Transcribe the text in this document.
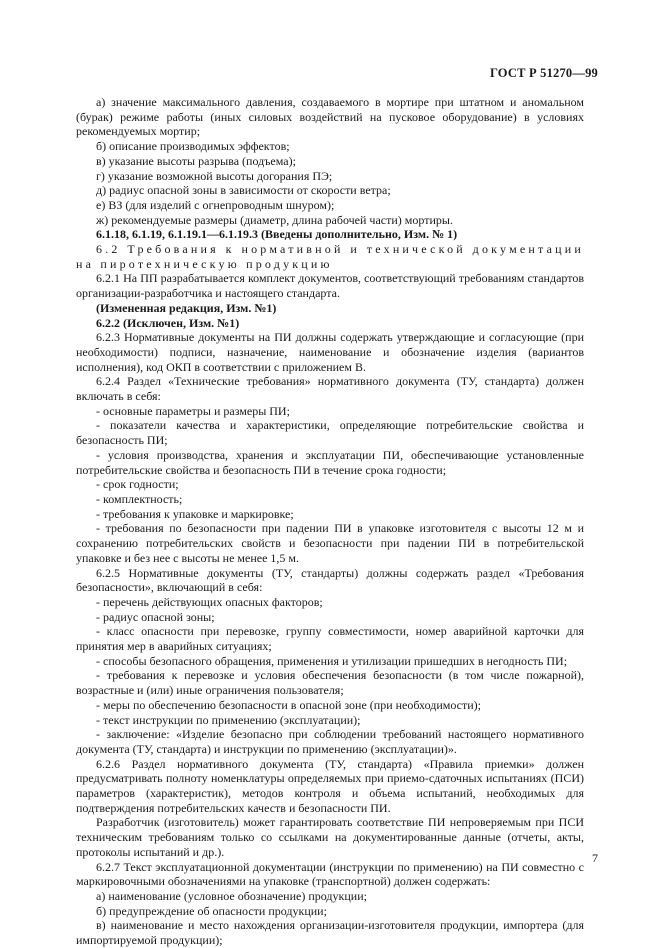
ГОСТ Р 51270—99

а) значение максимального давления, создаваемого в мортире при штатном и аномальном (бурак) режиме работы (иных силовых воздействий на пусковое оборудование) в условиях рекомендуемых мортир;

б) описание производимых эффектов;

в) указание высоты разрыва (подъема);

г) указание возможной высоты догорания ПЭ;

д) радиус опасной зоны в зависимости от скорости ветра;

е) ВЗ (для изделий с огнепроводным шнуром);

ж) рекомендуемые размеры (диаметр, длина рабочей части) мортиры.

6.1.18, 6.1.19, 6.1.19.1—6.1.19.3 (Введены дополнительно, Изм. № 1)

6.2 Требования к нормативной и технической документации на пиротехническую продукцию

6.2.1 На ПП разрабатывается комплект документов, соответствующий требованиям стандартов организации-разработчика и настоящего стандарта.

(Измененная редакция, Изм. №1)

6.2.2 (Исключен, Изм. №1)

6.2.3 Нормативные документы на ПИ должны содержать утверждающие и согласующие (при необходимости) подписи, назначение, наименование и обозначение изделия (вариантов исполнения), код ОКП в соответствии с приложением В.

6.2.4 Раздел «Технические требования» нормативного документа (ТУ, стандарта) должен включать в себя:

- основные параметры и размеры ПИ;

- показатели качества и характеристики, определяющие потребительские свойства и безопасность ПИ;

- условия производства, хранения и эксплуатации ПИ, обеспечивающие установленные потребительские свойства и безопасность ПИ в течение срока годности;

- срок годности;

- комплектность;

- требования к упаковке и маркировке;

- требования по безопасности при падении ПИ в упаковке изготовителя с высоты 12 м и сохранению потребительских свойств и безопасности при падении ПИ в потребительской упаковке и без нее с высоты не менее 1,5 м.

6.2.5 Нормативные документы (ТУ, стандарты) должны содержать раздел «Требования безопасности», включающий в себя:

- перечень действующих опасных факторов;

- радиус опасной зоны;

- класс опасности при перевозке, группу совместимости, номер аварийной карточки для принятия мер в аварийных ситуациях;

- способы безопасного обращения, применения и утилизации пришедших в негодность ПИ;

- требования к перевозке и условия обеспечения безопасности (в том числе пожарной), возрастные и (или) иные ограничения пользователя;

- меры по обеспечению безопасности в опасной зоне (при необходимости);

- текст инструкции по применению (эксплуатации);

- заключение: «Изделие безопасно при соблюдении требований настоящего нормативного документа (ТУ, стандарта) и инструкции по применению (эксплуатации)».

6.2.6 Раздел нормативного документа (ТУ, стандарта) «Правила приемки» должен предусматривать полноту номенклатуры определяемых при приемо-сдаточных испытаниях (ПСИ) параметров (характеристик), методов контроля и объема испытаний, необходимых для подтверждения потребительских качеств и безопасности ПИ.

Разработчик (изготовитель) может гарантировать соответствие ПИ непроверяемым при ПСИ техническим требованиям только со ссылками на документированные данные (отчеты, акты, протоколы испытаний и др.).

6.2.7 Текст эксплуатационной документации (инструкции по применению) на ПИ совместно с маркировочными обозначениями на упаковке (транспортной) должен содержать:

а) наименование (условное обозначение) продукции;

б) предупреждение об опасности продукции;

в) наименование и место нахождения организации-изготовителя продукции, импортера (для импортируемой продукции);

7
